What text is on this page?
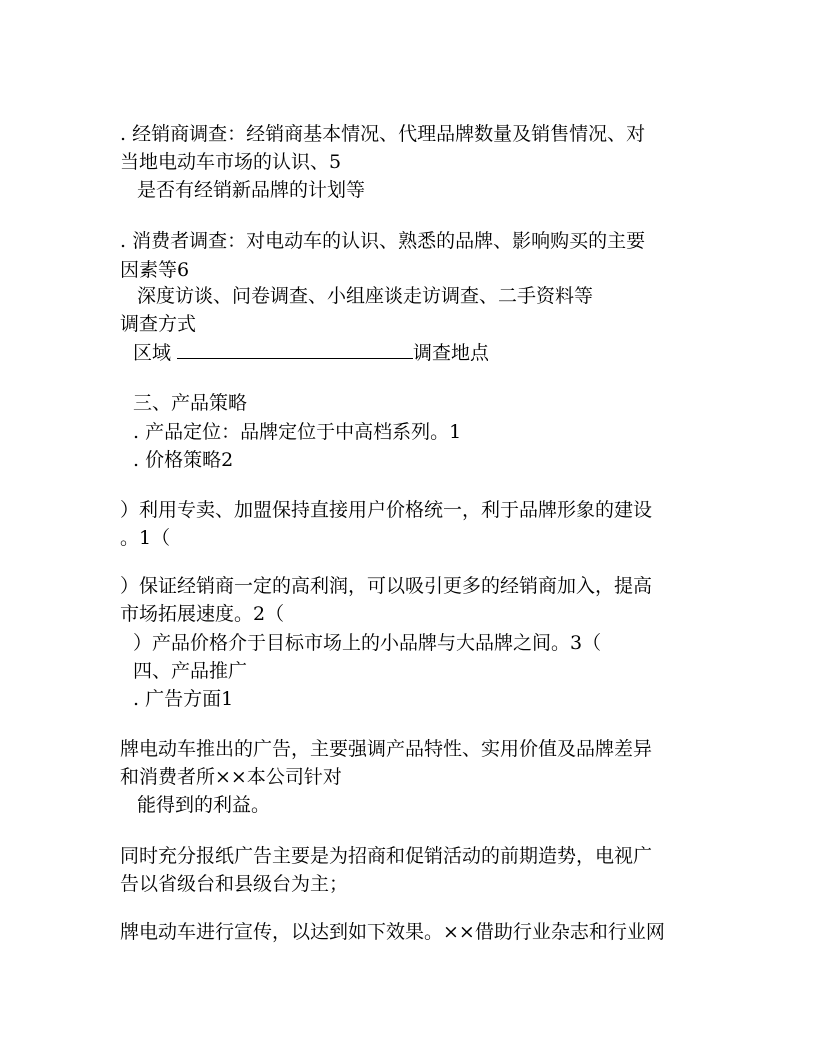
. 经销商调查：经销商基本情况、代理品牌数量及销售情况、对
当地电动车市场的认识、5
是否有经销新品牌的计划等
. 消费者调查：对电动车的认识、熟悉的品牌、影响购买的主要
因素等6
深度访谈、问卷调查、小组座谈走访调查、二手资料等
调查方式
区域	调查地点
三、产品策略
. 产品定位：品牌定位于中高档系列。1
. 价格策略2
）利用专卖、加盟保持直接用户价格统一，利于品牌形象的建设
。1（
）保证经销商一定的高利润，可以吸引更多的经销商加入，提高
市场拓展速度。2（
）产品价格介于目标市场上的小品牌与大品牌之间。3（
四、产品推广
. 广告方面1
牌电动车推出的广告，主要强调产品特性、实用价值及品牌差异
和消费者所××本公司针对
能得到的利益。
同时充分报纸广告主要是为招商和促销活动的前期造势，电视广
告以省级台和县级台为主；
牌电动车进行宣传，以达到如下效果。××借助行业杂志和行业网
